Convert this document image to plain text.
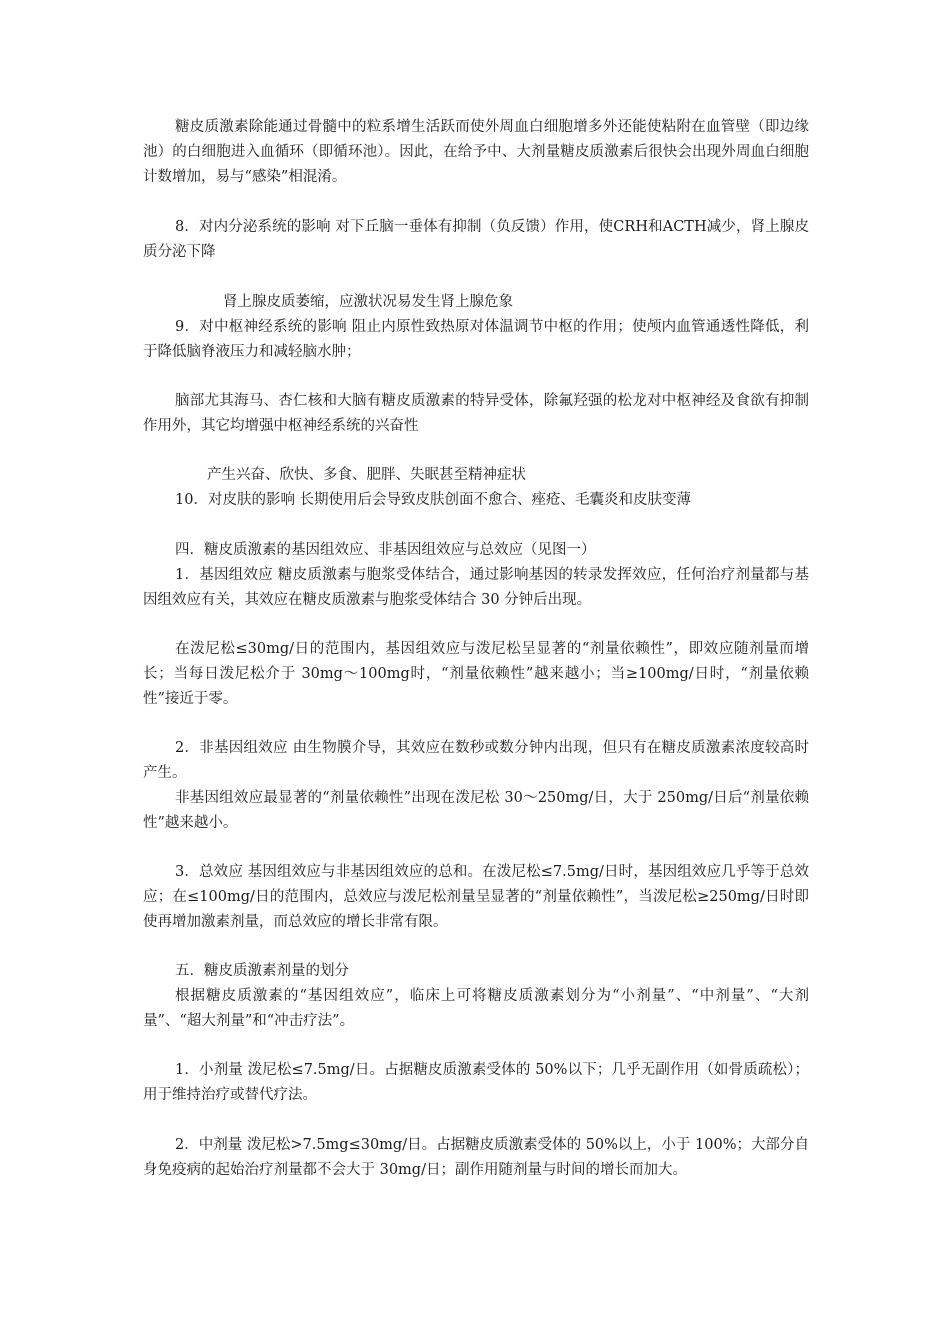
糖皮质激素除能通过骨髓中的粒系增生活跃而使外周血白细胞增多外还能使粘附在血管壁（即边缘池）的白细胞进入血循环（即循环池）。因此，在给予中、大剂量糖皮质激素后很快会出现外周血白细胞计数增加，易与“感染”相混淆。

8．对内分泌系统的影响 对下丘脑一垂体有抑制（负反馈）作用，使CRH和ACTH减少，肾上腺皮质分泌下降

肾上腺皮质萎缩，应激状况易发生肾上腺危象

9．对中枢神经系统的影响 阻止内原性致热原对体温调节中枢的作用；使颅内血管通透性降低，利于降低脑脊液压力和减轻脑水肿；

脑部尤其海马、杏仁核和大脑有糖皮质激素的特异受体，除氟羟强的松龙对中枢神经及食欲有抑制作用外，其它均增强中枢神经系统的兴奋性

产生兴奋、欣快、多食、肥胖、失眠甚至精神症状

10．对皮肤的影响 长期使用后会导致皮肤创面不愈合、痤疮、毛囊炎和皮肤变薄

四．糖皮质激素的基因组效应、非基因组效应与总效应（见图一）

1．基因组效应 糖皮质激素与胞浆受体结合，通过影响基因的转录发挥效应，任何治疗剂量都与基因组效应有关，其效应在糖皮质激素与胞浆受体结合 30 分钟后出现。

在泼尼松≤30mg/日的范围内，基因组效应与泼尼松呈显著的“剂量依赖性”，即效应随剂量而增长；当每日泼尼松介于 30mg～100mg时，“剂量依赖性”越来越小；当≥100mg/日时，“剂量依赖性”接近于零。

2．非基因组效应 由生物膜介导，其效应在数秒或数分钟内出现，但只有在糖皮质激素浓度较高时产生。

非基因组效应最显著的“剂量依赖性”出现在泼尼松 30～250mg/日，大于 250mg/日后“剂量依赖性”越来越小。

3．总效应 基因组效应与非基因组效应的总和。在泼尼松≤7.5mg/日时，基因组效应几乎等于总效应；在≤100mg/日的范围内，总效应与泼尼松剂量呈显著的“剂量依赖性”，当泼尼松≥250mg/日时即使再增加激素剂量，而总效应的增长非常有限。

五．糖皮质激素剂量的划分

根据糖皮质激素的“基因组效应”，临床上可将糖皮质激素划分为“小剂量”、“中剂量”、“大剂量”、“超大剂量”和“冲击疗法”。

1．小剂量 泼尼松≤7.5mg/日。占据糖皮质激素受体的 50%以下；几乎无副作用（如骨质疏松）；用于维持治疗或替代疗法。

2．中剂量 泼尼松>7.5mg≤30mg/日。占据糖皮质激素受体的 50%以上，小于 100%；大部分自身免疫病的起始治疗剂量都不会大于 30mg/日；副作用随剂量与时间的增长而加大。
